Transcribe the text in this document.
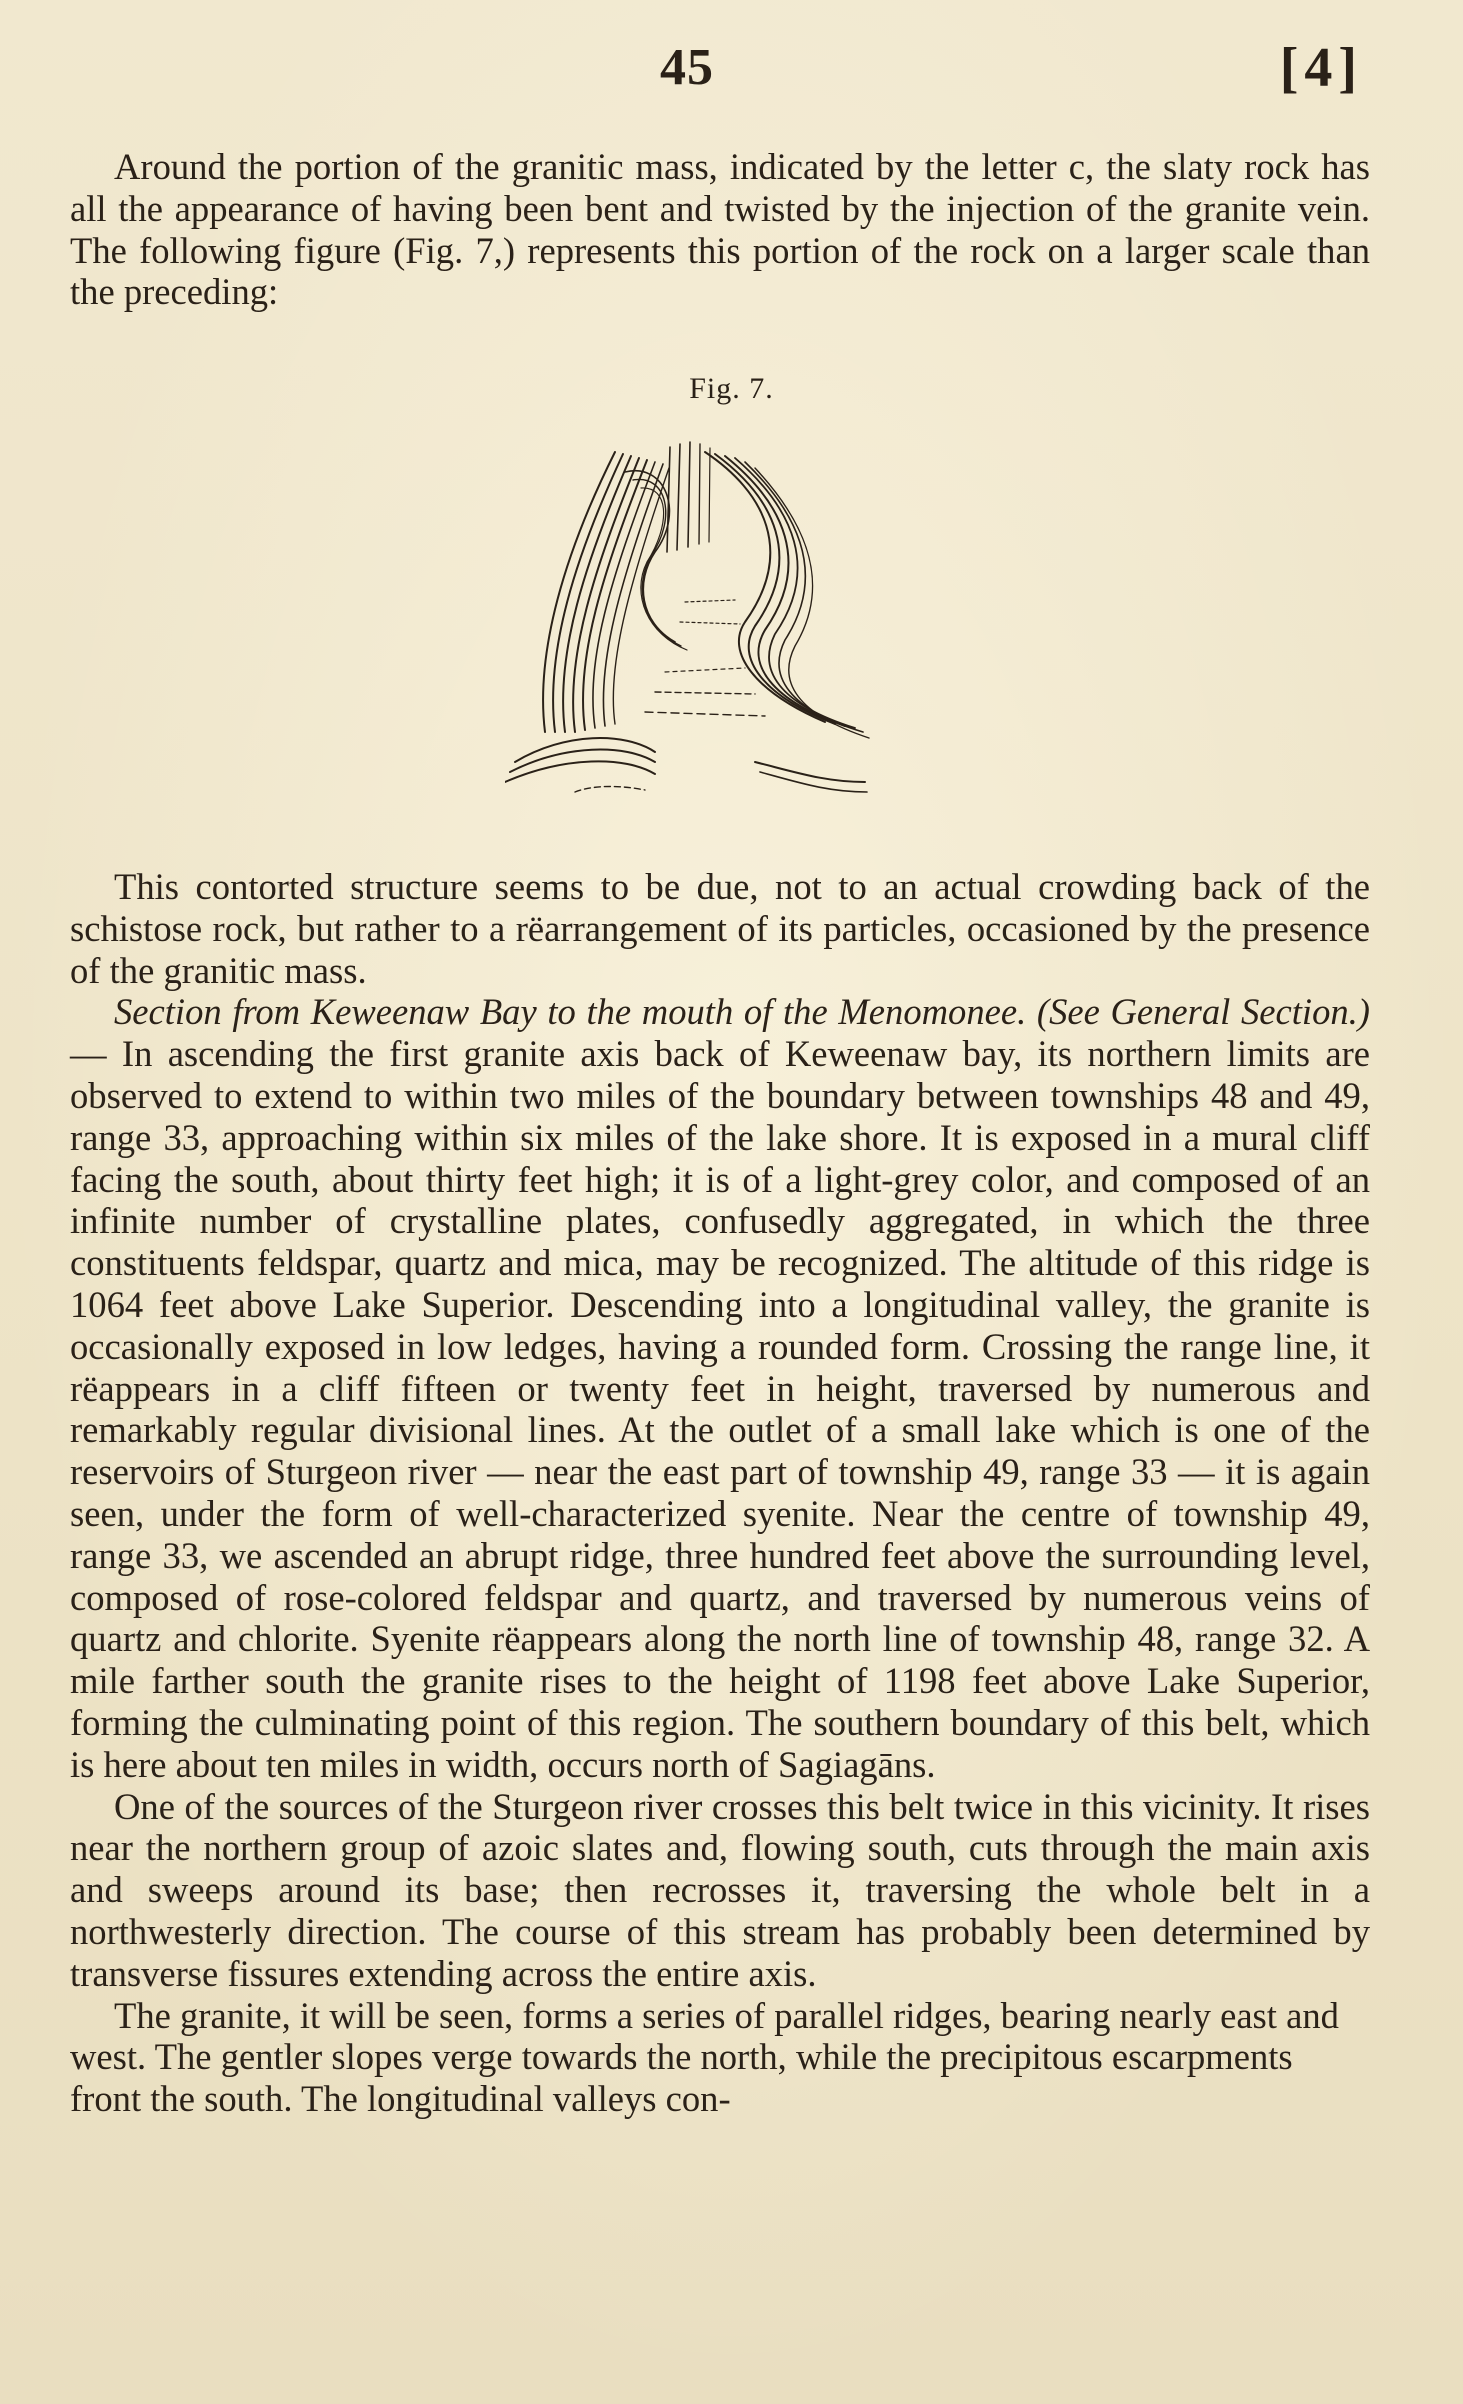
45	[4]

Around the portion of the granitic mass, indicated by the letter c, the slaty rock has all the appearance of having been bent and twisted by the injection of the granite vein. The following figure (Fig. 7,) represents this portion of the rock on a larger scale than the preceding:

Fig. 7.

This contorted structure seems to be due, not to an actual crowding back of the schistose rock, but rather to a rëarrangement of its particles, occasioned by the presence of the granitic mass.

Section from Keweenaw Bay to the mouth of the Menomonee. (See General Section.) — In ascending the first granite axis back of Keweenaw bay, its northern limits are observed to extend to within two miles of the boundary between townships 48 and 49, range 33, approaching within six miles of the lake shore. It is exposed in a mural cliff facing the south, about thirty feet high; it is of a light-grey color, and composed of an infinite number of crystalline plates, confusedly aggregated, in which the three constituents feldspar, quartz and mica, may be recognized. The altitude of this ridge is 1064 feet above Lake Superior. Descending into a longitudinal valley, the granite is occasionally exposed in low ledges, having a rounded form. Crossing the range line, it rëappears in a cliff fifteen or twenty feet in height, traversed by numerous and remarkably regular divisional lines. At the outlet of a small lake which is one of the reservoirs of Sturgeon river — near the east part of township 49, range 33 — it is again seen, under the form of well-characterized syenite. Near the centre of township 49, range 33, we ascended an abrupt ridge, three hundred feet above the surrounding level, composed of rose-colored feldspar and quartz, and traversed by numerous veins of quartz and chlorite. Syenite rëappears along the north line of township 48, range 32. A mile farther south the granite rises to the height of 1198 feet above Lake Superior, forming the culminating point of this region. The southern boundary of this belt, which is here about ten miles in width, occurs north of Sagiagāns.

One of the sources of the Sturgeon river crosses this belt twice in this vicinity. It rises near the northern group of azoic slates and, flowing south, cuts through the main axis and sweeps around its base; then recrosses it, traversing the whole belt in a northwesterly direction. The course of this stream has probably been determined by transverse fissures extending across the entire axis.

The granite, it will be seen, forms a series of parallel ridges, bearing nearly east and west. The gentler slopes verge towards the north, while the precipitous escarpments front the south. The longitudinal valleys con-
